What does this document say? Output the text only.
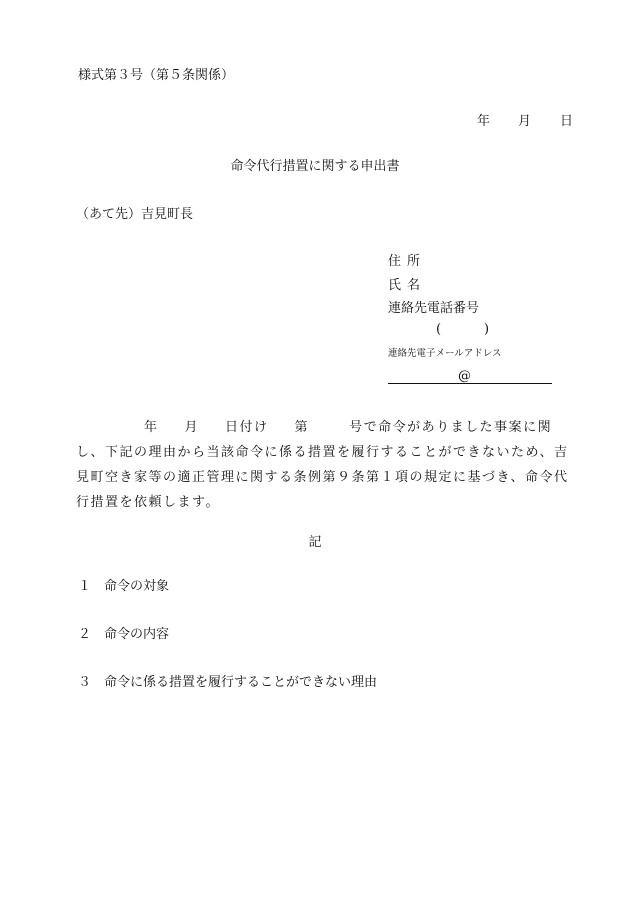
様式第３号（第５条関係）
年 月 日
命令代行措置に関する申出書
（あて先）吉見町長
住所
氏名
連絡先電話番号
(	)
連絡先電子メールアドレス
@

年 月 日付け 第	号で命令がありました事案に関し、下記の理由から当該命令に係る措置を履行することができないため、吉見町空き家等の適正管理に関する条例第９条第１項の規定に基づき、命令代行措置を依頼します。

記
１ 命令の対象
２ 命令の内容
３ 命令に係る措置を履行することができない理由
